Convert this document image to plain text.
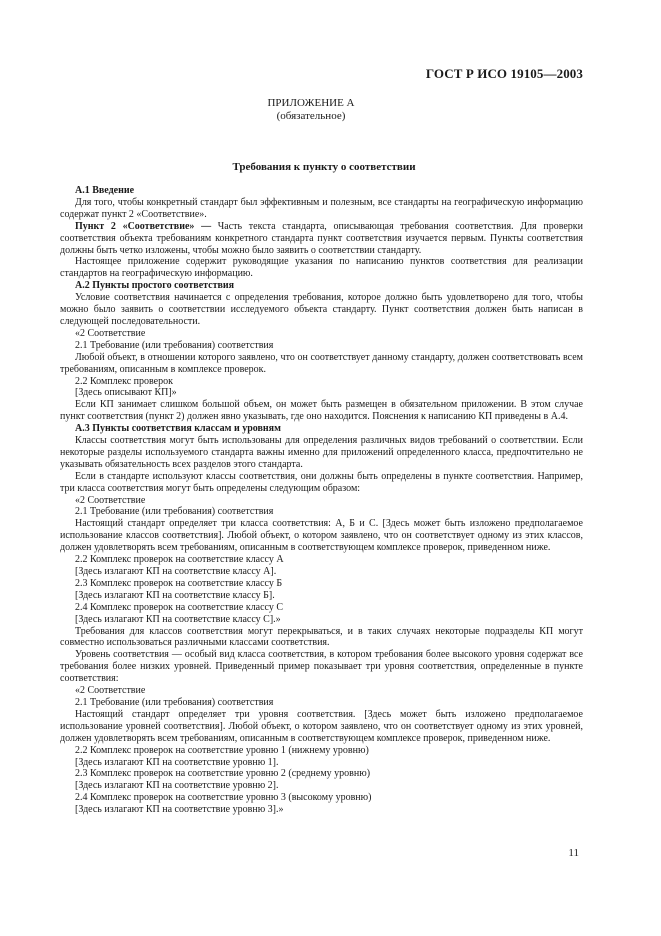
ГОСТ Р ИСО 19105—2003
ПРИЛОЖЕНИЕ А
(обязательное)
Требования к пункту о соответствии

А.1 Введение

Для того, чтобы конкретный стандарт был эффективным и полезным, все стандарты на географическую информацию содержат пункт 2 «Соответствие».

Пункт 2 «Соответствие» — Часть текста стандарта, описывающая требования соответствия. Для проверки соответствия объекта требованиям конкретного стандарта пункт соответствия изучается первым. Пункты соответствия должны быть четко изложены, чтобы можно было заявить о соответствии стандарту.

Настоящее приложение содержит руководящие указания по написанию пунктов соответствия для реализации стандартов на географическую информацию.

А.2 Пункты простого соответствия

Условие соответствия начинается с определения требования, которое должно быть удовлетворено для того, чтобы можно было заявить о соответствии исследуемого объекта стандарту. Пункт соответствия должен быть написан в следующей последовательности.

«2 Соответствие

2.1 Требование (или требования) соответствия

Любой объект, в отношении которого заявлено, что он соответствует данному стандарту, должен соответствовать всем требованиям, описанным в комплексе проверок.

2.2 Комплекс проверок

[Здесь описывают КП]»

Если КП занимает слишком большой объем, он может быть размещен в обязательном приложении. В этом случае пункт соответствия (пункт 2) должен явно указывать, где оно находится. Пояснения к написанию КП приведены в А.4.

А.3 Пункты соответствия классам и уровням

Классы соответствия могут быть использованы для определения различных видов требований о соответствии. Если некоторые разделы используемого стандарта важны именно для приложений определенного класса, предпочтительно не указывать обязательность всех разделов этого стандарта.

Если в стандарте используют классы соответствия, они должны быть определены в пункте соответствия. Например, три класса соответствия могут быть определены следующим образом:

«2 Соответствие

2.1 Требование (или требования) соответствия

Настоящий стандарт определяет три класса соответствия: А, Б и С. [Здесь может быть изложено предполагаемое использование классов соответствия]. Любой объект, о котором заявлено, что он соответствует одному из этих классов, должен удовлетворять всем требованиям, описанным в соответствующем комплексе проверок, приведенном ниже.

2.2 Комплекс проверок на соответствие классу А

[Здесь излагают КП на соответствие классу А].

2.3 Комплекс проверок на соответствие классу Б

[Здесь излагают КП на соответствие классу Б].

2.4 Комплекс проверок на соответствие классу С

[Здесь излагают КП на соответствие классу С].»

Требования для классов соответствия могут перекрываться, и в таких случаях некоторые подразделы КП могут совместно использоваться различными классами соответствия.

Уровень соответствия — особый вид класса соответствия, в котором требования более высокого уровня содержат все требования более низких уровней. Приведенный пример показывает три уровня соответствия, определенные в пункте соответствия:

«2 Соответствие

2.1 Требование (или требования) соответствия

Настоящий стандарт определяет три уровня соответствия. [Здесь может быть изложено предполагаемое использование уровней соответствия]. Любой объект, о котором заявлено, что он соответствует одному из этих уровней, должен удовлетворять всем требованиям, описанным в соответствующем комплексе проверок, приведенном ниже.

2.2 Комплекс проверок на соответствие уровню 1 (нижнему уровню)

[Здесь излагают КП на соответствие уровню 1].

2.3 Комплекс проверок на соответствие уровню 2 (среднему уровню)

[Здесь излагают КП на соответствие уровню 2].

2.4 Комплекс проверок на соответствие уровню 3 (высокому уровню)

[Здесь излагают КП на соответствие уровню 3].»

11
